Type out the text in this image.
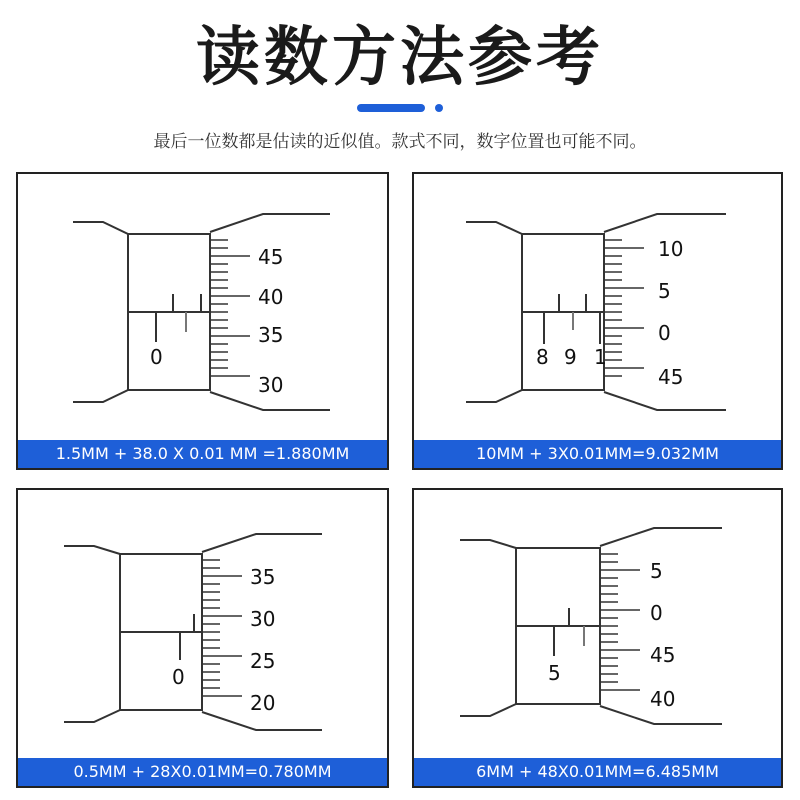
读数方法参考
最后一位数都是估读的近似值。款式不同，数字位置也可能不同。
0
45
40
35
30
1.5MM + 38.0 X 0.01 MM =1.880MM
8 9 1
10
5
0
45
10MM + 3X0.01MM=9.032MM
0
35
30
25
20
0.5MM + 28X0.01MM=0.780MM
5
5
0
45
40
6MM + 48X0.01MM=6.485MM
